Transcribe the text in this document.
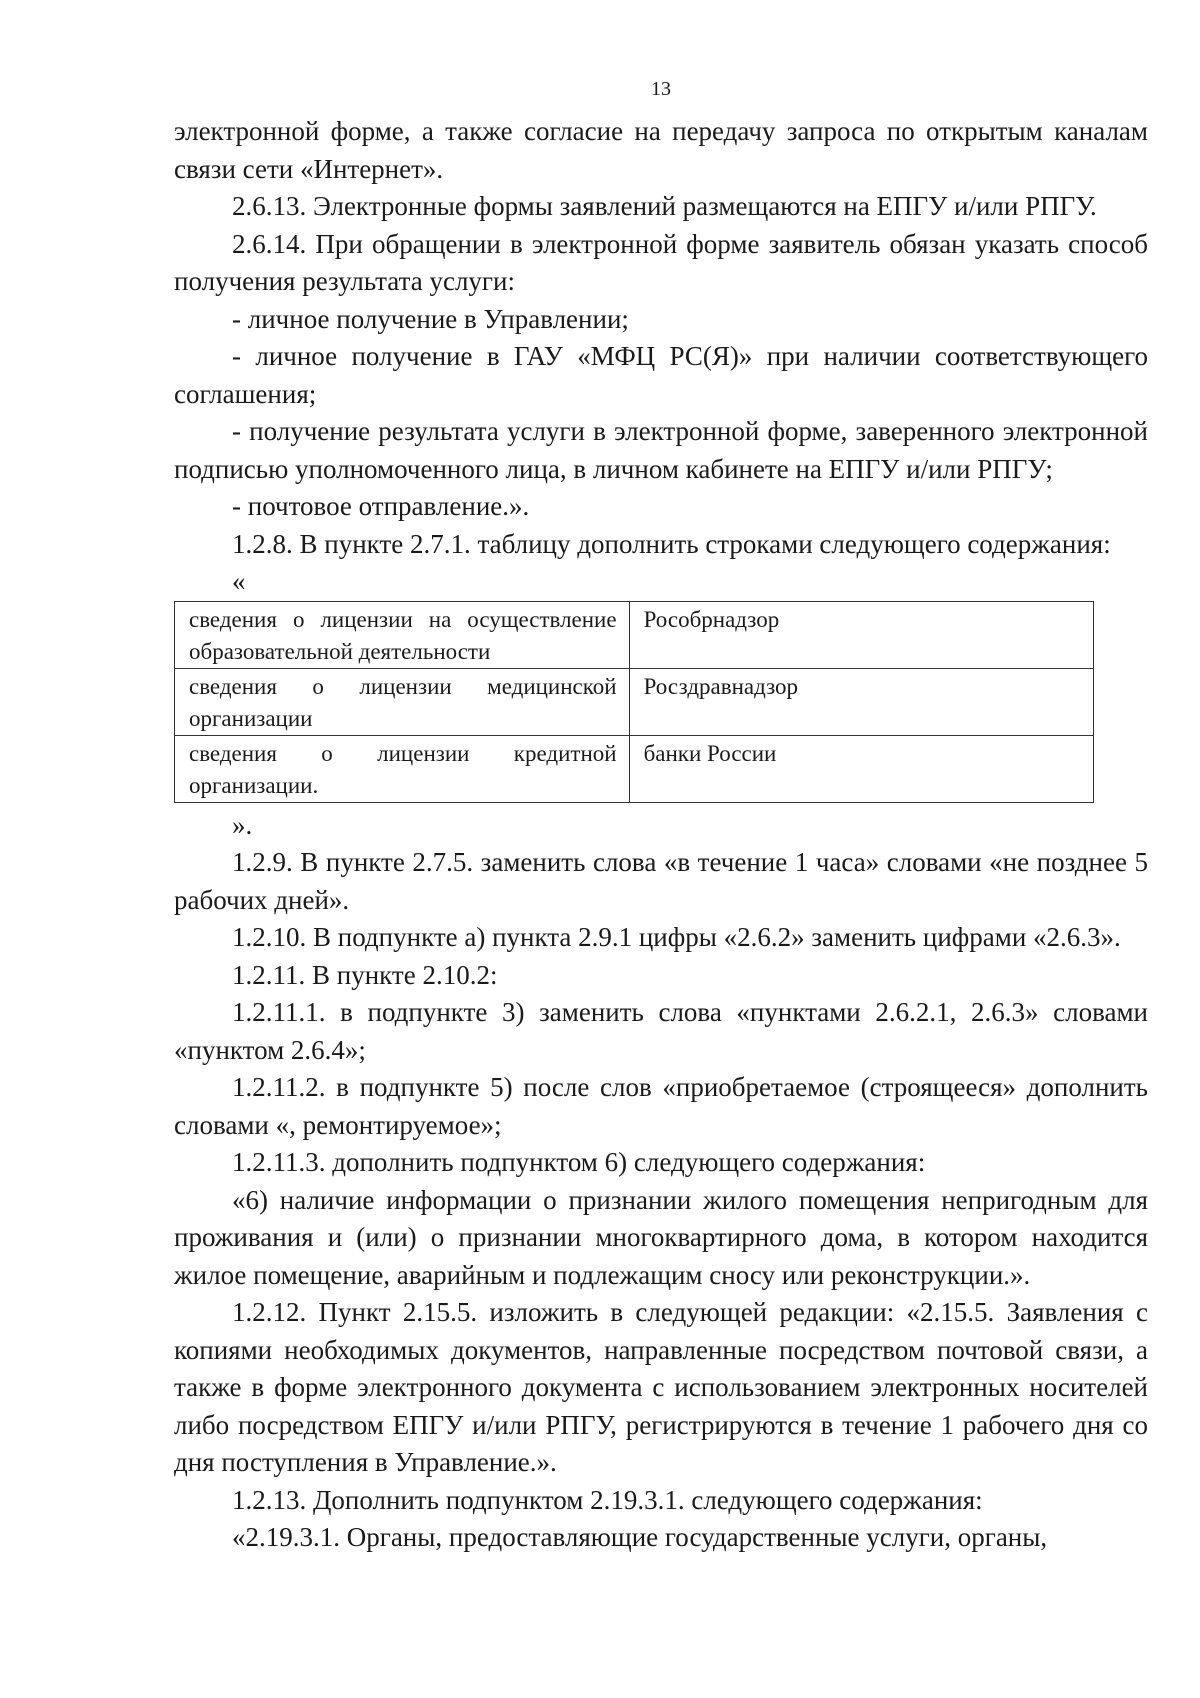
13

электронной форме, а также согласие на передачу запроса по открытым каналам связи сети «Интернет».

2.6.13. Электронные формы заявлений размещаются на ЕПГУ и/или РПГУ.

2.6.14. При обращении в электронной форме заявитель обязан указать способ получения результата услуги:

- личное получение в Управлении;

- личное получение в ГАУ «МФЦ РС(Я)» при наличии соответствующего соглашения;

- получение результата услуги в электронной форме, заверенного электронной подписью уполномоченного лица, в личном кабинете на ЕПГУ и/или РПГУ;

- почтовое отправление.».

1.2.8. В пункте 2.7.1. таблицу дополнить строками следующего содержания:

«

сведения о лицензии на осуществление образовательной деятельности	Рособрнадзор
сведения о лицензии медицинской организации	Росздравнадзор
сведения о лицензии кредитной организации.	банки России

».

1.2.9. В пункте 2.7.5. заменить слова «в течение 1 часа» словами «не позднее 5 рабочих дней».

1.2.10. В подпункте а) пункта 2.9.1 цифры «2.6.2» заменить цифрами «2.6.3».

1.2.11. В пункте 2.10.2:

1.2.11.1. в подпункте 3) заменить слова «пунктами 2.6.2.1, 2.6.3» словами «пунктом 2.6.4»;

1.2.11.2. в подпункте 5) после слов «приобретаемое (строящееся» дополнить словами «, ремонтируемое»;

1.2.11.3. дополнить подпунктом 6) следующего содержания:

«6) наличие информации о признании жилого помещения непригодным для проживания и (или) о признании многоквартирного дома, в котором находится жилое помещение, аварийным и подлежащим сносу или реконструкции.».

1.2.12. Пункт 2.15.5. изложить в следующей редакции: «2.15.5. Заявления с копиями необходимых документов, направленные посредством почтовой связи, а также в форме электронного документа с использованием электронных носителей либо посредством ЕПГУ и/или РПГУ, регистрируются в течение 1 рабочего дня со дня поступления в Управление.».

1.2.13. Дополнить подпунктом 2.19.3.1. следующего содержания:

«2.19.3.1. Органы, предоставляющие государственные услуги, органы,
